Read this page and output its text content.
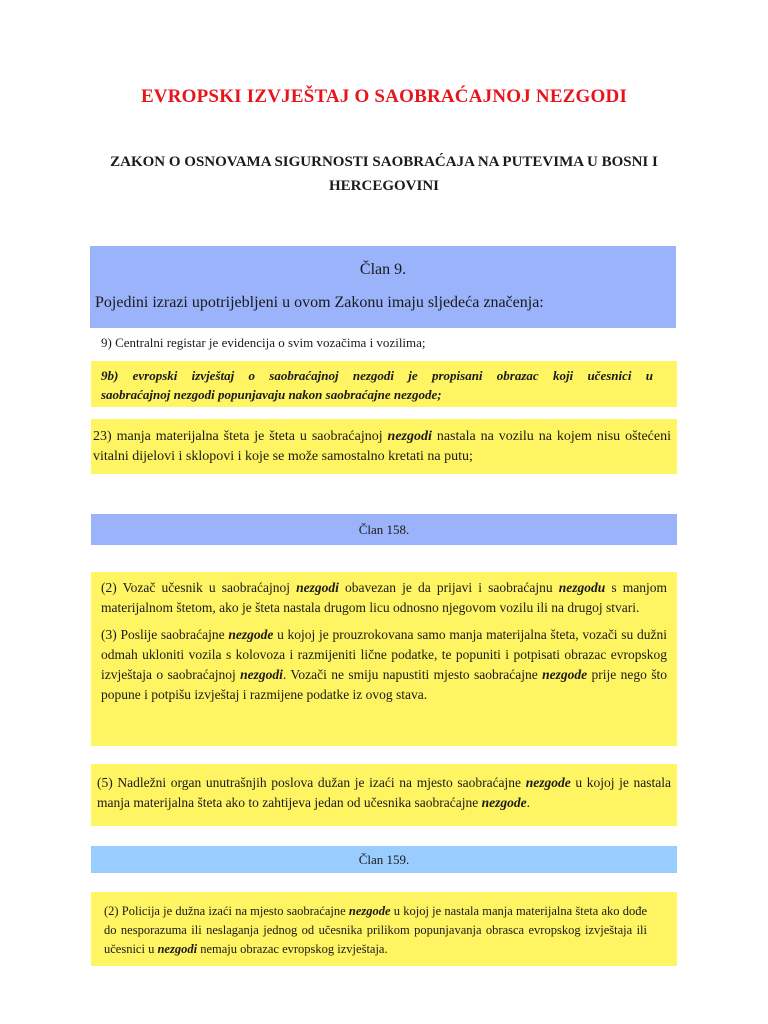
EVROPSKI IZVJEŠTAJ O SAOBRAĆAJNOJ NEZGODI
ZAKON O OSNOVAMA SIGURNOSTI SAOBRAĆAJA NA PUTEVIMA U BOSNI I
HERCEGOVINI
Član 9.
Pojedini izrazi upotrijebljeni u ovom Zakonu imaju sljedeća značenja:
9) Centralni registar je evidencija o svim vozačima i vozilima;
9b) evropski izvještaj o saobraćajnoj nezgodi je propisani obrazac koji učesnici u
saobraćajnoj nezgodi popunjavaju nakon saobraćajne nezgode;

23) manja materijalna šteta je šteta u saobraćajnoj nezgodi nastala na vozilu na kojem nisu oštećeni vitalni dijelovi i sklopovi i koje se može samostalno kretati na putu;

Član 158.

(2) Vozač učesnik u saobraćajnoj nezgodi obavezan je da prijavi i saobraćajnu nezgodu s manjom materijalnom štetom, ako je šteta nastala drugom licu odnosno njegovom vozilu ili na drugoj stvari.

(3) Poslije saobraćajne nezgode u kojoj je prouzrokovana samo manja materijalna šteta, vozači su dužni odmah ukloniti vozila s kolovoza i razmijeniti lične podatke, te popuniti i potpisati obrazac evropskog izvještaja o saobraćajnoj nezgodi. Vozači ne smiju napustiti mjesto saobraćajne nezgode prije nego što popune i potpišu izvještaj i razmijene podatke iz ovog stava.

(5) Nadležni organ unutrašnjih poslova dužan je izaći na mjesto saobraćajne nezgode u kojoj je nastala manja materijalna šteta ako to zahtijeva jedan od učesnika saobraćajne nezgode.

Član 159.

(2) Policija je dužna izaći na mjesto saobraćajne nezgode u kojoj je nastala manja materijalna šteta ako dođe do nesporazuma ili neslaganja jednog od učesnika prilikom popunjavanja obrasca evropskog izvještaja ili učesnici u nezgodi nemaju obrazac evropskog izvještaja.
